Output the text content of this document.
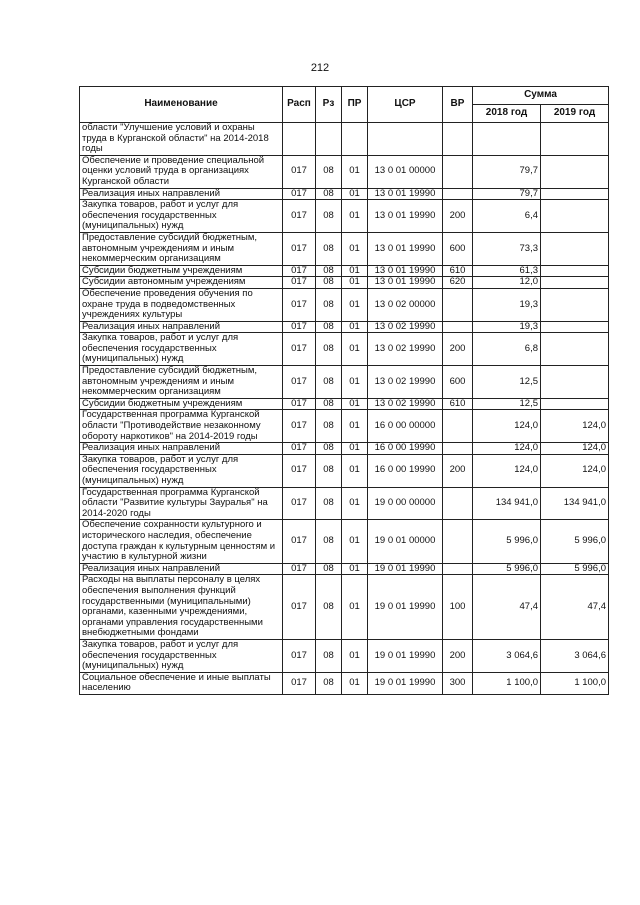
212
Наименование	Расп	Рз	ПР	ЦСР	ВР	Сумма	
						2018 год	2019 год
области "Улучшение условий и охраны труда в Курганской области" на 2014-2018 годы							
Обеспечение и проведение специальной оценки условий труда в организациях Курганской области	017	08	01	13 0 01 00000		79,7	
Реализация иных направлений	017	08	01	13 0 01 19990		79,7	
Закупка товаров, работ и услуг для обеспечения государственных (муниципальных) нужд	017	08	01	13 0 01 19990	200	6,4	
Предоставление субсидий бюджетным, автономным учреждениям и иным некоммерческим организациям	017	08	01	13 0 01 19990	600	73,3	
Субсидии бюджетным учреждениям	017	08	01	13 0 01 19990	610	61,3	
Субсидии автономным учреждениям	017	08	01	13 0 01 19990	620	12,0	
Обеспечение проведения обучения по охране труда в подведомственных учреждениях культуры	017	08	01	13 0 02 00000		19,3	
Реализация иных направлений	017	08	01	13 0 02 19990		19,3	
Закупка товаров, работ и услуг для обеспечения государственных (муниципальных) нужд	017	08	01	13 0 02 19990	200	6,8	
Предоставление субсидий бюджетным, автономным учреждениям и иным некоммерческим организациям	017	08	01	13 0 02 19990	600	12,5	
Субсидии бюджетным учреждениям	017	08	01	13 0 02 19990	610	12,5	
Государственная программа Курганской области "Противодействие незаконному обороту наркотиков" на 2014-2019 годы	017	08	01	16 0 00 00000		124,0	124,0
Реализация иных направлений	017	08	01	16 0 00 19990		124,0	124,0
Закупка товаров, работ и услуг для обеспечения государственных (муниципальных) нужд	017	08	01	16 0 00 19990	200	124,0	124,0
Государственная программа Курганской области "Развитие культуры Зауралья" на 2014-2020 годы	017	08	01	19 0 00 00000		134 941,0	134 941,0
Обеспечение сохранности культурного и исторического наследия, обеспечение доступа граждан к культурным ценностям и участию в культурной жизни	017	08	01	19 0 01 00000		5 996,0	5 996,0
Реализация иных направлений	017	08	01	19 0 01 19990		5 996,0	5 996,0
Расходы на выплаты персоналу в целях обеспечения выполнения функций государственными (муниципальными) органами, казенными учреждениями, органами управления государственными внебюджетными фондами	017	08	01	19 0 01 19990	100	47,4	47,4
Закупка товаров, работ и услуг для обеспечения государственных (муниципальных) нужд	017	08	01	19 0 01 19990	200	3 064,6	3 064,6
Социальное обеспечение и иные выплаты населению	017	08	01	19 0 01 19990	300	1 100,0	1 100,0
